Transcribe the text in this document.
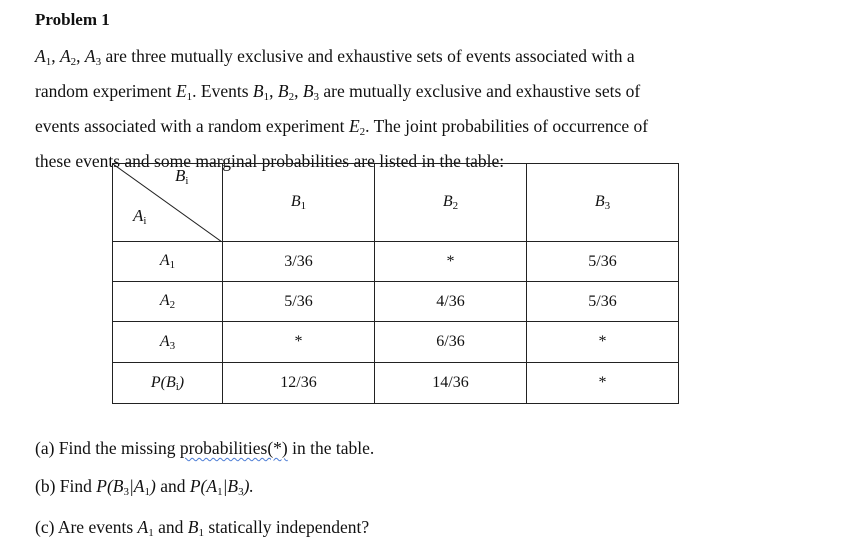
Problem 1

$A_1$, $A_2$, $A_3$ are three mutually exclusive and exhaustive sets of events associated with a

random experiment $E_1$. Events $B_1$, $B_2$, $B_3$ are mutually exclusive and exhaustive sets of

events associated with a random experiment $E_2$. The joint probabilities of occurrence of

these events and some marginal probabilities are listed in the table:

$B_i$
$A_i$	$B_1$	$B_2$	$B_3$
$A_1$	3/36	*	5/36
$A_2$	5/36	4/36	5/36
$A_3$	*	6/36	*
$P(B_i)$	12/36	14/36	*
(a) Find the missing probabilities(*) in the table.
(b) Find $P(B_3|A_1)$ and $P(A_1|B_3)$.
(c) Are events $A_1$ and $B_1$ statically independent?
